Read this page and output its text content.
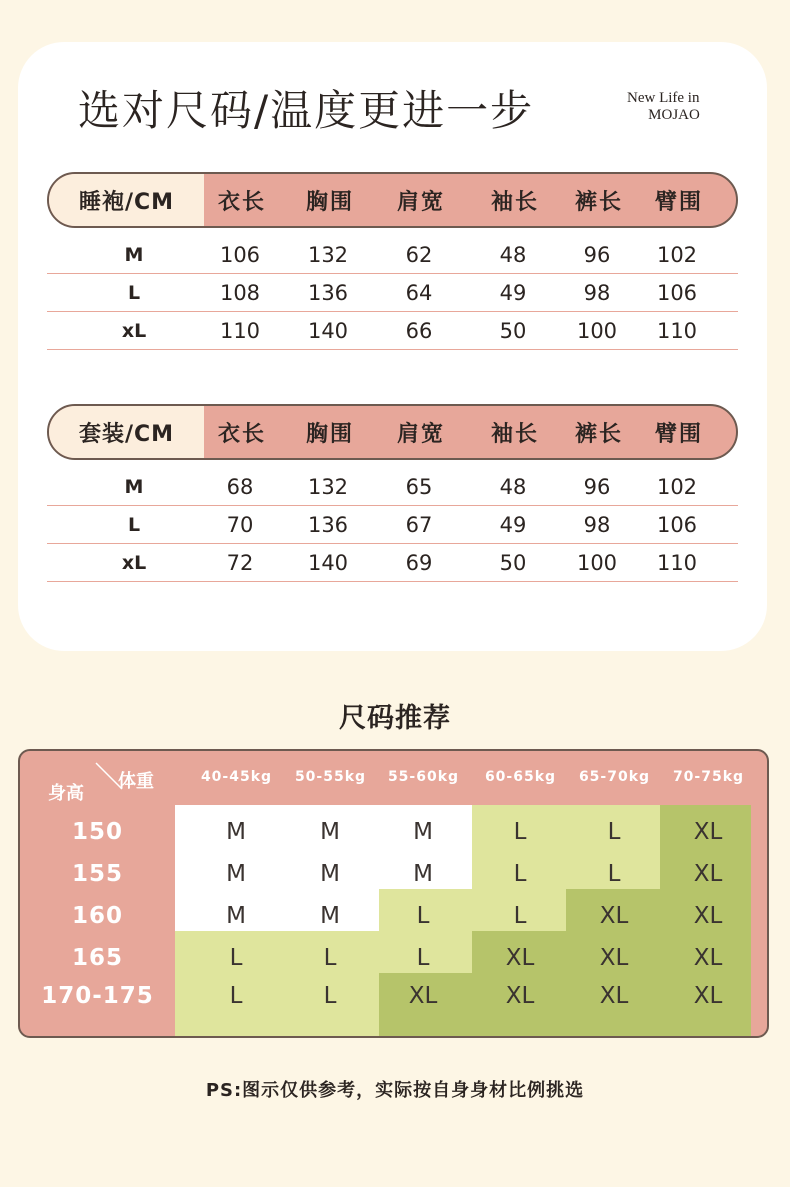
选对尺码/温度更进一步	New Life in
MOJAO
睡袍/CM	衣长	胸围	肩宽	袖长	裤长	臂围
M	106	132	62	48	96	102
L	108	136	64	49	98	106
xL	110	140	66	50	100	110
套装/CM	衣长	胸围	肩宽	袖长	裤长	臂围
M	68	132	65	48	96	102
L	70	136	67	49	98	106
xL	72	140	69	50	100	110
尺码推荐
身高
体重	40-45kg	50-55kg	55-60kg	60-65kg	65-70kg	70-75kg
150	M	M	M	L	L	XL
155	M	M	M	L	L	XL
160	M	M	L	L	XL	XL
165	L	L	L	XL	XL	XL
170-175	L	L	XL	XL	XL	XL
PS:图示仅供参考，实际按自身身材比例挑选
